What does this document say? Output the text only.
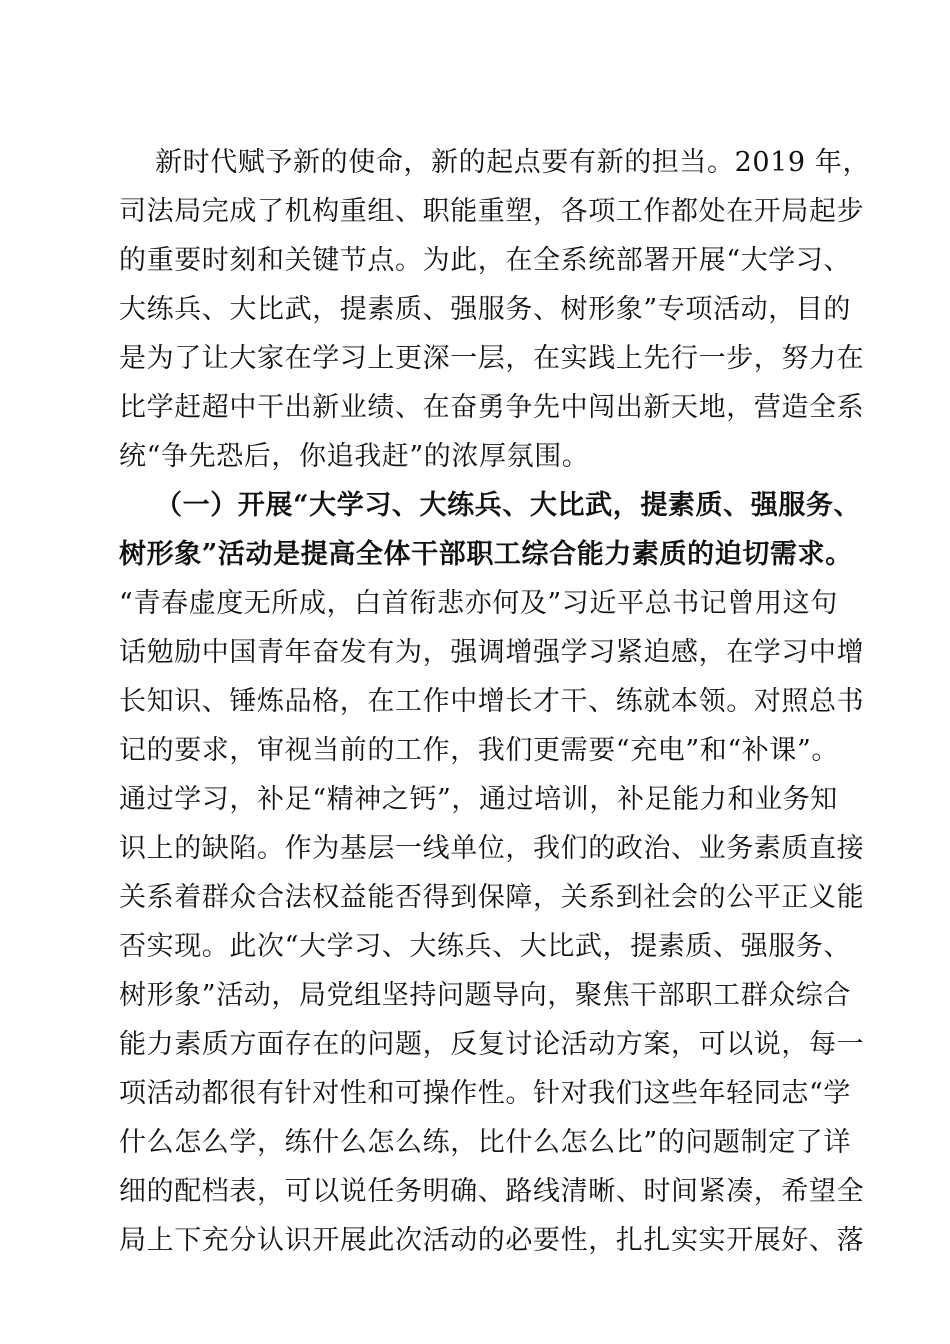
新时代赋予新的使命，新的起点要有新的担当。2019 年，
司法局完成了机构重组、职能重塑，各项工作都处在开局起步
的重要时刻和关键节点。为此，在全系统部署开展“大学习、
大练兵、大比武，提素质、强服务、树形象”专项活动，目的
是为了让大家在学习上更深一层，在实践上先行一步，努力在
比学赶超中干出新业绩、在奋勇争先中闯出新天地，营造全系
统“争先恐后，你追我赶”的浓厚氛围。
（一）开展“大学习、大练兵、大比武，提素质、强服务、
树形象”活动是提高全体干部职工综合能力素质的迫切需求。
“青春虚度无所成，白首衔悲亦何及”习近平总书记曾用这句
话勉励中国青年奋发有为，强调增强学习紧迫感，在学习中增
长知识、锤炼品格，在工作中增长才干、练就本领。对照总书
记的要求，审视当前的工作，我们更需要“充电”和“补课”。
通过学习，补足“精神之钙”，通过培训，补足能力和业务知
识上的缺陷。作为基层一线单位，我们的政治、业务素质直接
关系着群众合法权益能否得到保障，关系到社会的公平正义能
否实现。此次“大学习、大练兵、大比武，提素质、强服务、
树形象”活动，局党组坚持问题导向，聚焦干部职工群众综合
能力素质方面存在的问题，反复讨论活动方案，可以说，每一
项活动都很有针对性和可操作性。针对我们这些年轻同志“学
什么怎么学，练什么怎么练，比什么怎么比”的问题制定了详
细的配档表，可以说任务明确、路线清晰、时间紧凑，希望全
局上下充分认识开展此次活动的必要性，扎扎实实开展好、落
